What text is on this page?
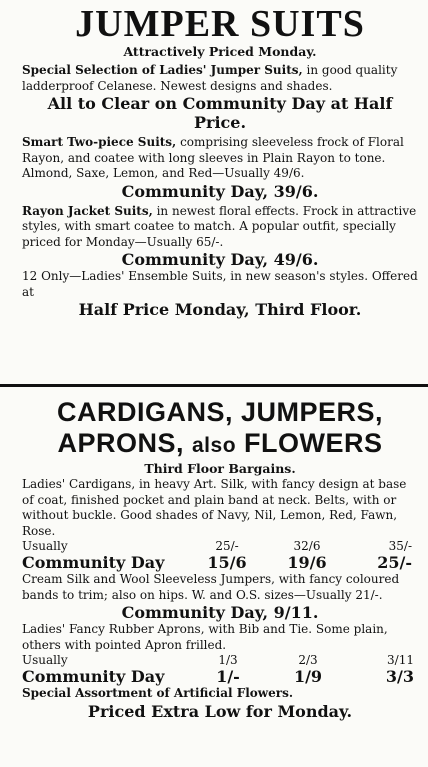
JUMPER SUITS
Attractively Priced Monday.
Special Selection of Ladies' Jumper Suits, in good quality ladderproof Celanese. Newest designs and shades.
All to Clear on Community Day at Half Price.
Smart Two-piece Suits, comprising sleeveless frock of Floral Rayon, and coatee with long sleeves in Plain Rayon to tone. Almond, Saxe, Lemon, and Red—Usually 49/6.
Community Day, 39/6.
Rayon Jacket Suits, in newest floral effects. Frock in attractive styles, with smart coatee to match. A popular outfit, specially priced for Monday—Usually 65/-.
Community Day, 49/6.
12 Only—Ladies' Ensemble Suits, in new season's styles. Offered at
Half Price Monday, Third Floor.
CARDIGANS, JUMPERS,
APRONS, also FLOWERS
Third Floor Bargains.
Ladies' Cardigans, in heavy Art. Silk, with fancy design at base of coat, finished pocket and plain band at neck. Belts, with or without buckle. Good shades of Navy, Nil, Lemon, Red, Fawn, Rose.
Usually	25/-	32/6	35/-
Community Day	15/6	19/6	25/-
Cream Silk and Wool Sleeveless Jumpers, with fancy coloured bands to trim; also on hips. W. and O.S. sizes—Usually 21/-.
Community Day, 9/11.
Ladies' Fancy Rubber Aprons, with Bib and Tie. Some plain, others with pointed Apron frilled.
Usually	1/3	2/3	3/11
Community Day	1/-	1/9	3/3
Special Assortment of Artificial Flowers.
Priced Extra Low for Monday.
